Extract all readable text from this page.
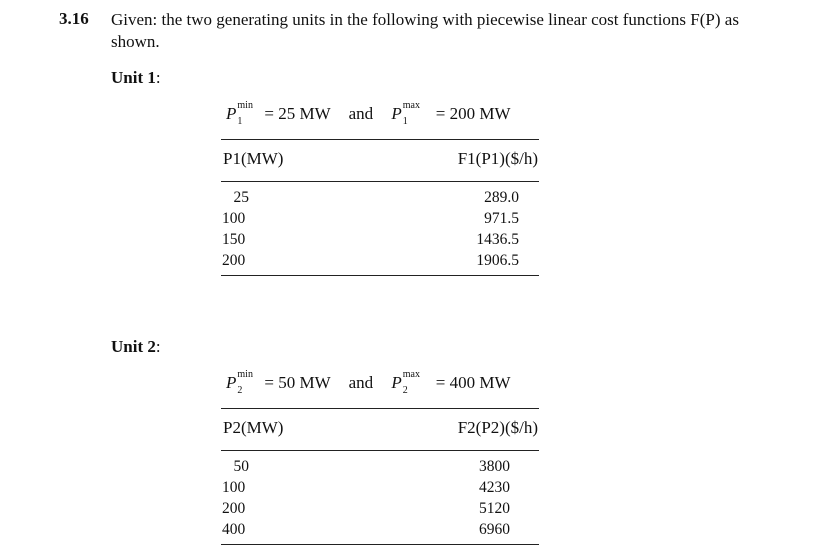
3.16 Given: the two generating units in the following with piecewise linear cost functions F(P) as shown.
Unit 1:
P min
1 = 25 MW and P max
1 = 200 MW
P1(MW)	F1(P1)($/h)
25	289.0
100	971.5
150	1436.5
200	1906.5
Unit 2:
P min
2 = 50 MW and P max
2 = 400 MW
P2(MW)	F2(P2)($/h)
50	3800
100	4230
200	5120
400	6960
